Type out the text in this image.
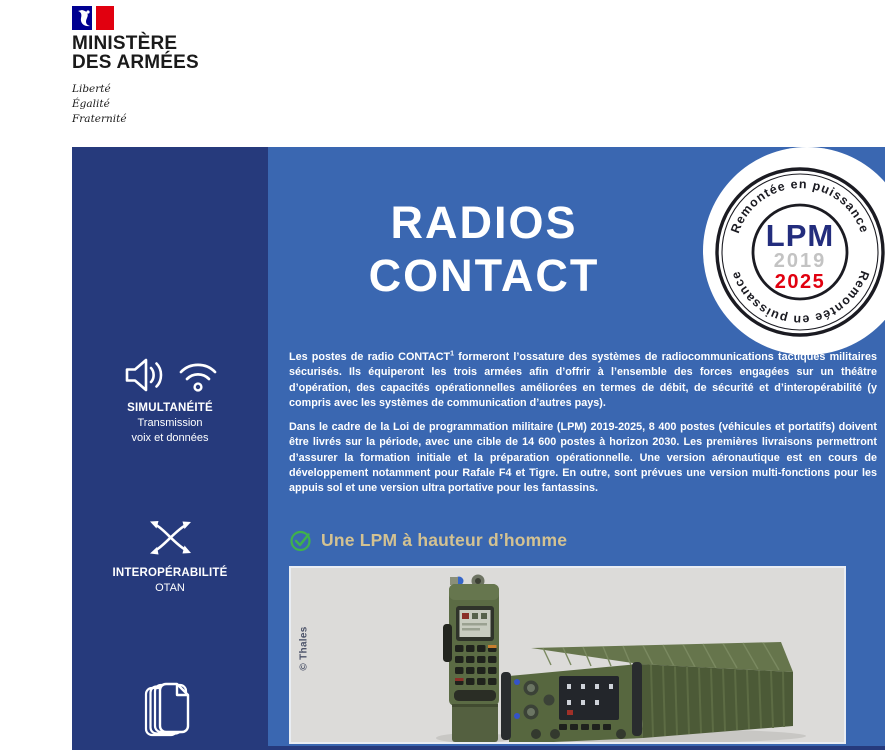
MINISTÈRE
DES ARMÉES
Liberté
Égalité
Fraternité
SIMULTANÉITÉ
Transmission
voix et données
INTEROPÉRABILITÉ
OTAN
RADIOS
CONTACT
Remontée en puissance
Remontée en puissance
LPM
2019
2025

Les postes de radio CONTACT$^1$ formeront l’ossature des systèmes de radiocommunications tactiques militaires sécurisés. Ils équiperont les trois armées afin d’offrir à l’ensemble des forces engagées sur un théâtre d’opération, des capacités opérationnelles améliorées en termes de débit, de sécurité et d’interopérabilité (y compris avec les systèmes de communication d’autres pays).

Dans le cadre de la Loi de programmation militaire (LPM) 2019-2025, 8 400 postes (véhicules et portatifs) doivent être livrés sur la période, avec une cible de 14 600 postes à horizon 2030. Les premières livraisons permettront d’assurer la formation initiale et la préparation opérationnelle. Une version aéronautique est en cours de développement notamment pour Rafale F4 et Tigre. En outre, sont prévues une version multi-fonctions pour les appuis sol et une version ultra portative pour les fantassins.

Une LPM à hauteur d’homme
© Thales
